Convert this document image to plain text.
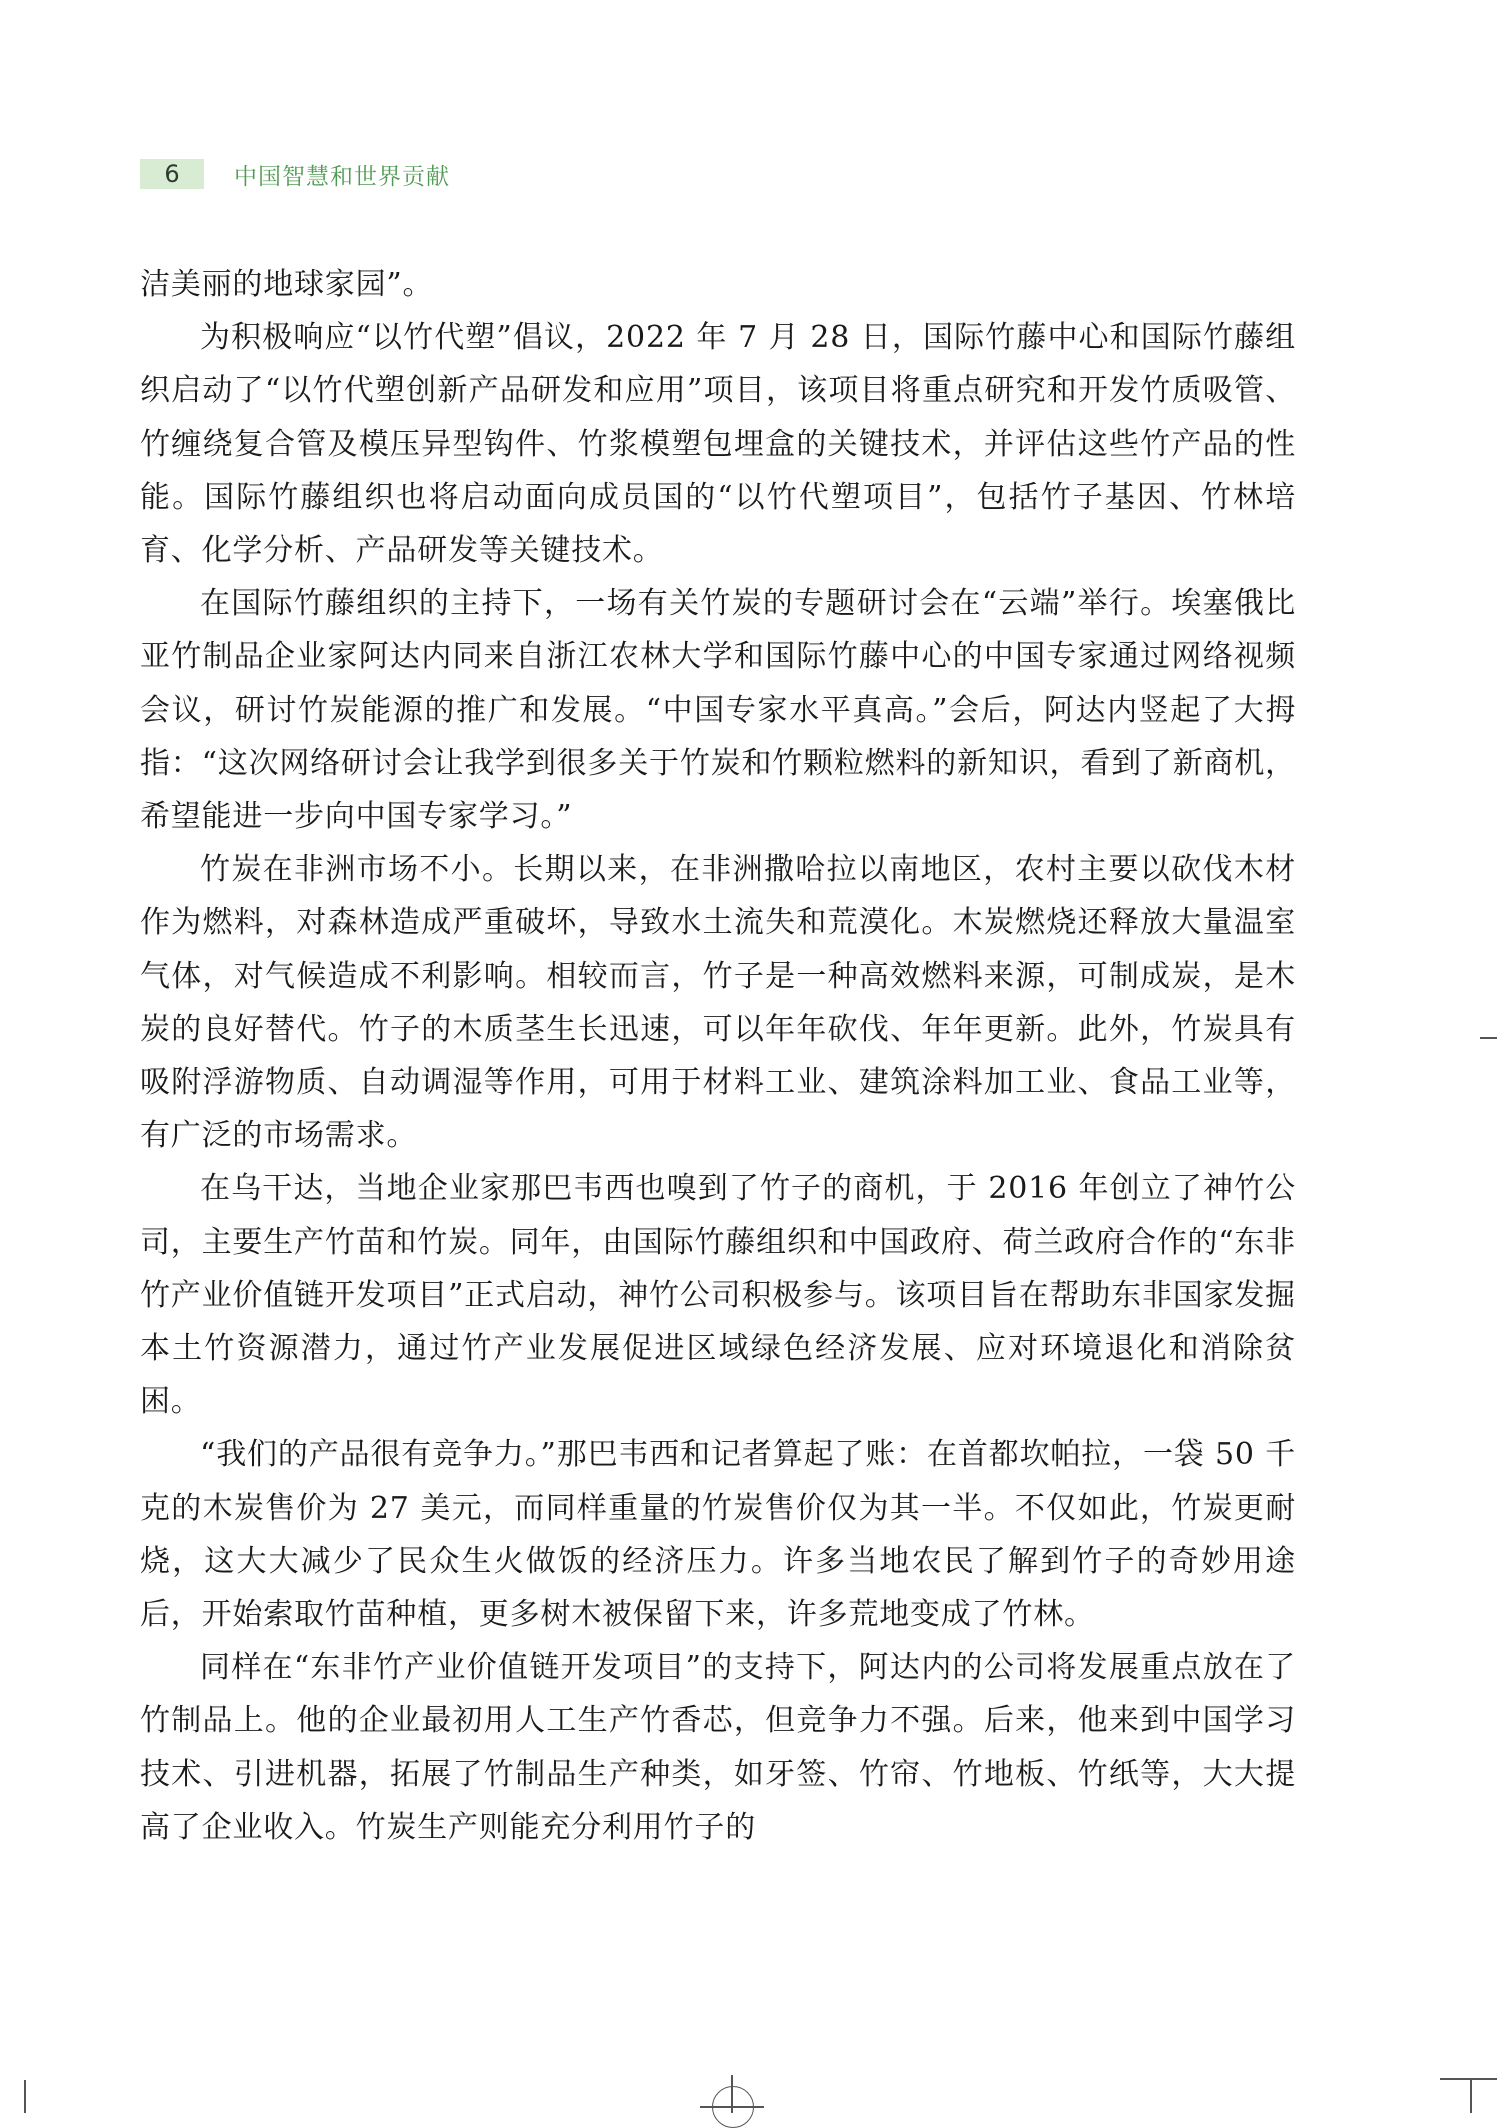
6	中国智慧和世界贡献

洁美丽的地球家园”。

为积极响应“以竹代塑”倡议，2022 年 7 月 28 日，国际竹藤中心和国际竹藤组织启动了“以竹代塑创新产品研发和应用”项目，该项目将重点研究和开发竹质吸管、竹缠绕复合管及模压异型钩件、竹浆模塑包埋盒的关键技术，并评估这些竹产品的性能。国际竹藤组织也将启动面向成员国的“以竹代塑项目”，包括竹子基因、竹林培育、化学分析、产品研发等关键技术。

在国际竹藤组织的主持下，一场有关竹炭的专题研讨会在“云端”举行。埃塞俄比亚竹制品企业家阿达内同来自浙江农林大学和国际竹藤中心的中国专家通过网络视频会议，研讨竹炭能源的推广和发展。“中国专家水平真高。”会后，阿达内竖起了大拇指：“这次网络研讨会让我学到很多关于竹炭和竹颗粒燃料的新知识，看到了新商机，希望能进一步向中国专家学习。”

竹炭在非洲市场不小。长期以来，在非洲撒哈拉以南地区，农村主要以砍伐木材作为燃料，对森林造成严重破坏，导致水土流失和荒漠化。木炭燃烧还释放大量温室气体，对气候造成不利影响。相较而言，竹子是一种高效燃料来源，可制成炭，是木炭的良好替代。竹子的木质茎生长迅速，可以年年砍伐、年年更新。此外，竹炭具有吸附浮游物质、自动调湿等作用，可用于材料工业、建筑涂料加工业、食品工业等，有广泛的市场需求。

在乌干达，当地企业家那巴韦西也嗅到了竹子的商机，于 2016 年创立了神竹公司，主要生产竹苗和竹炭。同年，由国际竹藤组织和中国政府、荷兰政府合作的“东非竹产业价值链开发项目”正式启动，神竹公司积极参与。该项目旨在帮助东非国家发掘本土竹资源潜力，通过竹产业发展促进区域绿色经济发展、应对环境退化和消除贫困。

“我们的产品很有竞争力。”那巴韦西和记者算起了账：在首都坎帕拉，一袋 50 千克的木炭售价为 27 美元，而同样重量的竹炭售价仅为其一半。不仅如此，竹炭更耐烧，这大大减少了民众生火做饭的经济压力。许多当地农民了解到竹子的奇妙用途后，开始索取竹苗种植，更多树木被保留下来，许多荒地变成了竹林。

同样在“东非竹产业价值链开发项目”的支持下，阿达内的公司将发展重点放在了竹制品上。他的企业最初用人工生产竹香芯，但竞争力不强。后来，他来到中国学习技术、引进机器，拓展了竹制品生产种类，如牙签、竹帘、竹地板、竹纸等，大大提高了企业收入。竹炭生产则能充分利用竹子的
